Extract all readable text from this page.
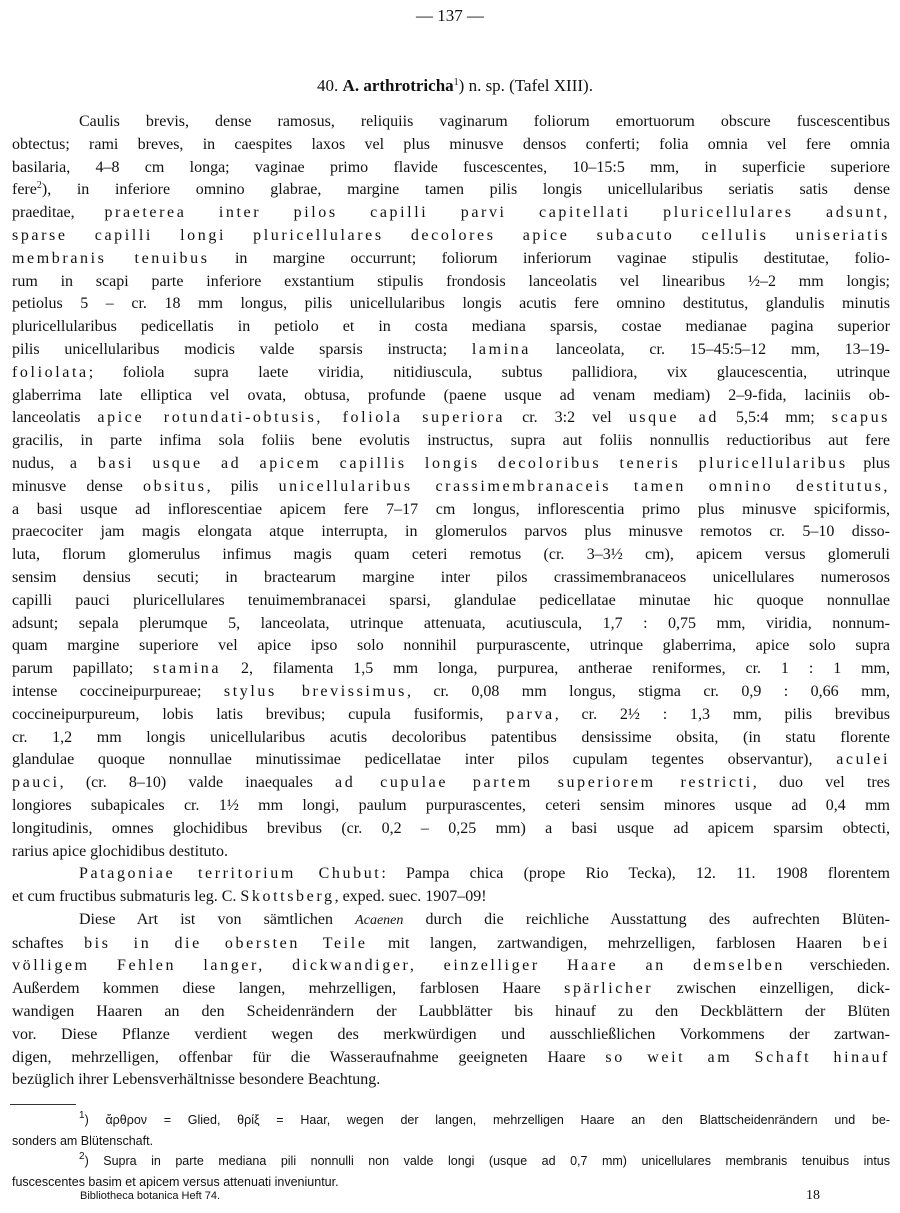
— 137 —
40. A. arthrotricha$^1$) n. sp. (Tafel XIII).
Caulis brevis, dense ramosus, reliquiis vaginarum foliorum emortuorum obscure fuscescentibus
obtectus; rami breves, in caespites laxos vel plus minusve densos conferti; folia omnia vel fere omnia
basilaria, 4–8 cm longa; vaginae primo flavide fuscescentes, 10–15:5 mm, in superficie superiore
fere$^2$), in inferiore omnino glabrae, margine tamen pilis longis unicellularibus seriatis satis dense
praeditae, praeterea inter pilos capilli parvi capitellati pluricellulares adsunt,
sparse capilli longi pluricellulares decolores apice subacuto cellulis uniseriatis
membranis tenuibus in margine occurrunt; foliorum inferiorum vaginae stipulis destitutae, folio-
rum in scapi parte inferiore exstantium stipulis frondosis lanceolatis vel linearibus ½–2 mm longis;
petiolus 5 – cr. 18 mm longus, pilis unicellularibus longis acutis fere omnino destitutus, glandulis minutis
pluricellularibus pedicellatis in petiolo et in costa mediana sparsis, costae medianae pagina superior
pilis unicellularibus modicis valde sparsis instructa; lamina lanceolata, cr. 15–45:5–12 mm, 13–19-
foliolata; foliola supra laete viridia, nitidiuscula, subtus pallidiora, vix glaucescentia, utrinque
glaberrima late elliptica vel ovata, obtusa, profunde (paene usque ad venam mediam) 2–9-fida, laciniis ob-
lanceolatis apice rotundati-obtusis, foliola superiora cr. 3:2 vel usque ad 5,5:4 mm; scapus
gracilis, in parte infima sola foliis bene evolutis instructus, supra aut foliis nonnullis reductioribus aut fere
nudus, a basi usque ad apicem capillis longis decoloribus teneris pluricellularibus plus
minusve dense obsitus, pilis unicellularibus crassimembranaceis tamen omnino destitutus,
a basi usque ad inflorescentiae apicem fere 7–17 cm longus, inflorescentia primo plus minusve spiciformis,
praecociter jam magis elongata atque interrupta, in glomerulos parvos plus minusve remotos cr. 5–10 disso-
luta, florum glomerulus infimus magis quam ceteri remotus (cr. 3–3½ cm), apicem versus glomeruli
sensim densius secuti; in bractearum margine inter pilos crassimembranaceos unicellulares numerosos
capilli pauci pluricellulares tenuimembranacei sparsi, glandulae pedicellatae minutae hic quoque nonnullae
adsunt; sepala plerumque 5, lanceolata, utrinque attenuata, acutiuscula, 1,7 : 0,75 mm, viridia, nonnum-
quam margine superiore vel apice ipso solo nonnihil purpurascente, utrinque glaberrima, apice solo supra
parum papillato; stamina 2, filamenta 1,5 mm longa, purpurea, antherae reniformes, cr. 1 : 1 mm,
intense coccineipurpureae; stylus brevissimus, cr. 0,08 mm longus, stigma cr. 0,9 : 0,66 mm,
coccineipurpureum, lobis latis brevibus; cupula fusiformis, parva, cr. 2½ : 1,3 mm, pilis brevibus
cr. 1,2 mm longis unicellularibus acutis decoloribus patentibus densissime obsita, (in statu florente
glandulae quoque nonnullae minutissimae pedicellatae inter pilos cupulam tegentes observantur), aculei
pauci, (cr. 8–10) valde inaequales ad cupulae partem superiorem restricti, duo vel tres
longiores subapicales cr. 1½ mm longi, paulum purpurascentes, ceteri sensim minores usque ad 0,4 mm
longitudinis, omnes glochidibus brevibus (cr. 0,2 – 0,25 mm) a basi usque ad apicem sparsim obtecti,
rarius apice glochidibus destituto.
Patagoniae territorium Chubut: Pampa chica (prope Rio Tecka), 12. 11. 1908 florentem
et cum fructibus submaturis leg. C. Skottsberg, exped. suec. 1907–09!
Diese Art ist von sämtlichen Acaenen durch die reichliche Ausstattung des aufrechten Blüten-
schaftes bis in die obersten Teile mit langen, zartwandigen, mehrzelligen, farblosen Haaren bei
völligem Fehlen langer, dickwandiger, einzelliger Haare an demselben verschieden.
Außerdem kommen diese langen, mehrzelligen, farblosen Haare spärlicher zwischen einzelligen, dick-
wandigen Haaren an den Scheidenrändern der Laubblätter bis hinauf zu den Deckblättern der Blüten
vor. Diese Pflanze verdient wegen des merkwürdigen und ausschließlichen Vorkommens der zartwan-
digen, mehrzelligen, offenbar für die Wasseraufnahme geeigneten Haare so weit am Schaft hinauf
bezüglich ihrer Lebensverhältnisse besondere Beachtung.
$^1$) ἄρθρον = Glied, θρίξ = Haar, wegen der langen, mehrzelligen Haare an den Blattscheidenrändern und be-
sonders am Blütenschaft.
$^2$) Supra in parte mediana pili nonnulli non valde longi (usque ad 0,7 mm) unicellulares membranis tenuibus intus
fuscescentes basim et apicem versus attenuati inveniuntur.
Bibliotheca botanica Heft 74.	18
